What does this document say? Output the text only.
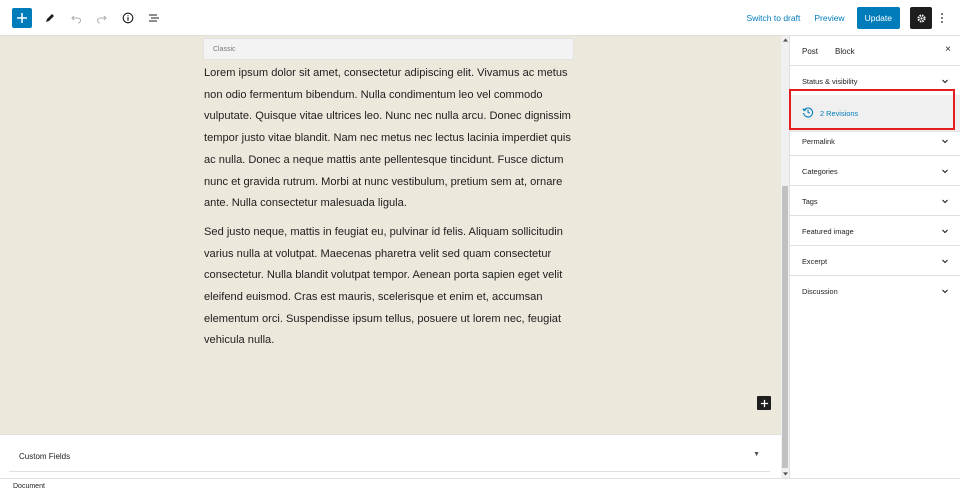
Switch to draft Preview	Update
Classic

Lorem ipsum dolor sit amet, consectetur adipiscing elit. Vivamus ac metus non odio fermentum bibendum. Nulla condimentum leo vel commodo vulputate. Quisque vitae ultrices leo. Nunc nec nulla arcu. Donec dignissim tempor justo vitae blandit. Nam nec metus nec lectus lacinia imperdiet quis ac nulla. Donec a neque mattis ante pellentesque tincidunt. Fusce dictum nunc et gravida rutrum. Morbi at nunc vestibulum, pretium sem at, ornare ante. Nulla consectetur malesuada ligula.

Sed justo neque, mattis in feugiat eu, pulvinar id felis. Aliquam sollicitudin varius nulla at volutpat. Maecenas pharetra velit sed quam consectetur consectetur. Nulla blandit volutpat tempor. Aenean porta sapien eget velit eleifend euismod. Cras est mauris, scelerisque et enim et, accumsan elementum orci. Suspendisse ipsum tellus, posuere ut lorem nec, feugiat vehicula nulla.

Custom Fields	▼
Document
Post Block	×
Status & visibility
2 Revisions
Permalink
Categories
Tags
Featured image
Excerpt
Discussion
